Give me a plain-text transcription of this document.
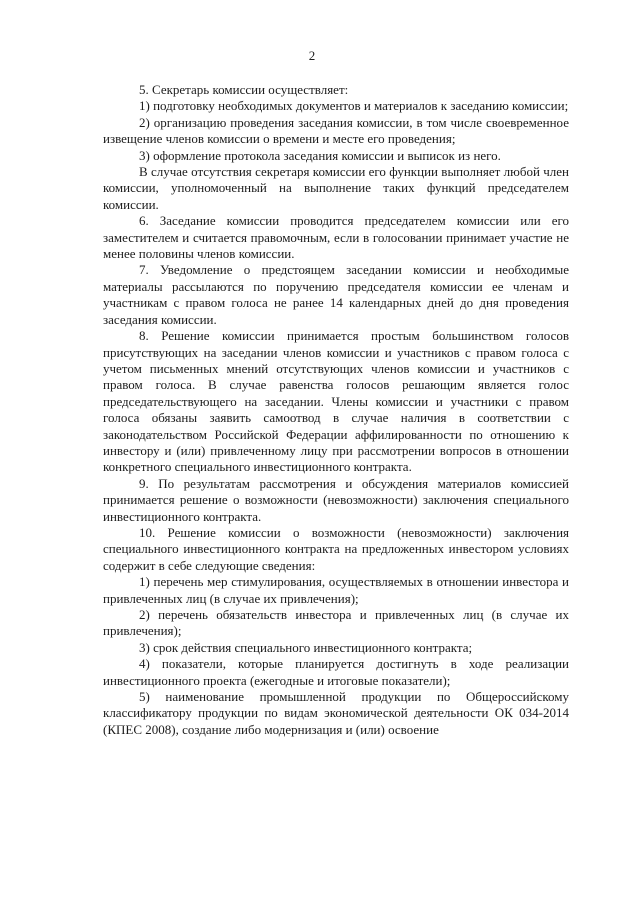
2

5. Секретарь комиссии осуществляет:

1) подготовку необходимых документов и материалов к заседанию комиссии;

2) организацию проведения заседания комиссии, в том числе своевременное извещение членов комиссии о времени и месте его проведения;

3) оформление протокола заседания комиссии и выписок из него.

В случае отсутствия секретаря комиссии его функции выполняет любой член комиссии, уполномоченный на выполнение таких функций председателем комиссии.

6. Заседание комиссии проводится председателем комиссии или его заместителем и считается правомочным, если в голосовании принимает участие не менее половины членов комиссии.

7. Уведомление о предстоящем заседании комиссии и необходимые материалы рассылаются по поручению председателя комиссии ее членам и участникам с правом голоса не ранее 14 календарных дней до дня проведения заседания комиссии.

8. Решение комиссии принимается простым большинством голосов присутствующих на заседании членов комиссии и участников с правом голоса с учетом письменных мнений отсутствующих членов комиссии и участников с правом голоса. В случае равенства голосов решающим является голос председательствующего на заседании. Члены комиссии и участники с правом голоса обязаны заявить самоотвод в случае наличия в соответствии с законодательством Российской Федерации аффилированности по отношению к инвестору и (или) привлеченному лицу при рассмотрении вопросов в отношении конкретного специального инвестиционного контракта.

9. По результатам рассмотрения и обсуждения материалов комиссией принимается решение о возможности (невозможности) заключения специального инвестиционного контракта.

10. Решение комиссии о возможности (невозможности) заключения специального инвестиционного контракта на предложенных инвестором условиях содержит в себе следующие сведения:

1) перечень мер стимулирования, осуществляемых в отношении инвестора и привлеченных лиц (в случае их привлечения);

2) перечень обязательств инвестора и привлеченных лиц (в случае их привлечения);

3) срок действия специального инвестиционного контракта;

4) показатели, которые планируется достигнуть в ходе реализации инвестиционного проекта (ежегодные и итоговые показатели);

5) наименование промышленной продукции по Общероссийскому классификатору продукции по видам экономической деятельности ОК 034-2014 (КПЕС 2008), создание либо модернизация и (или) освоение
